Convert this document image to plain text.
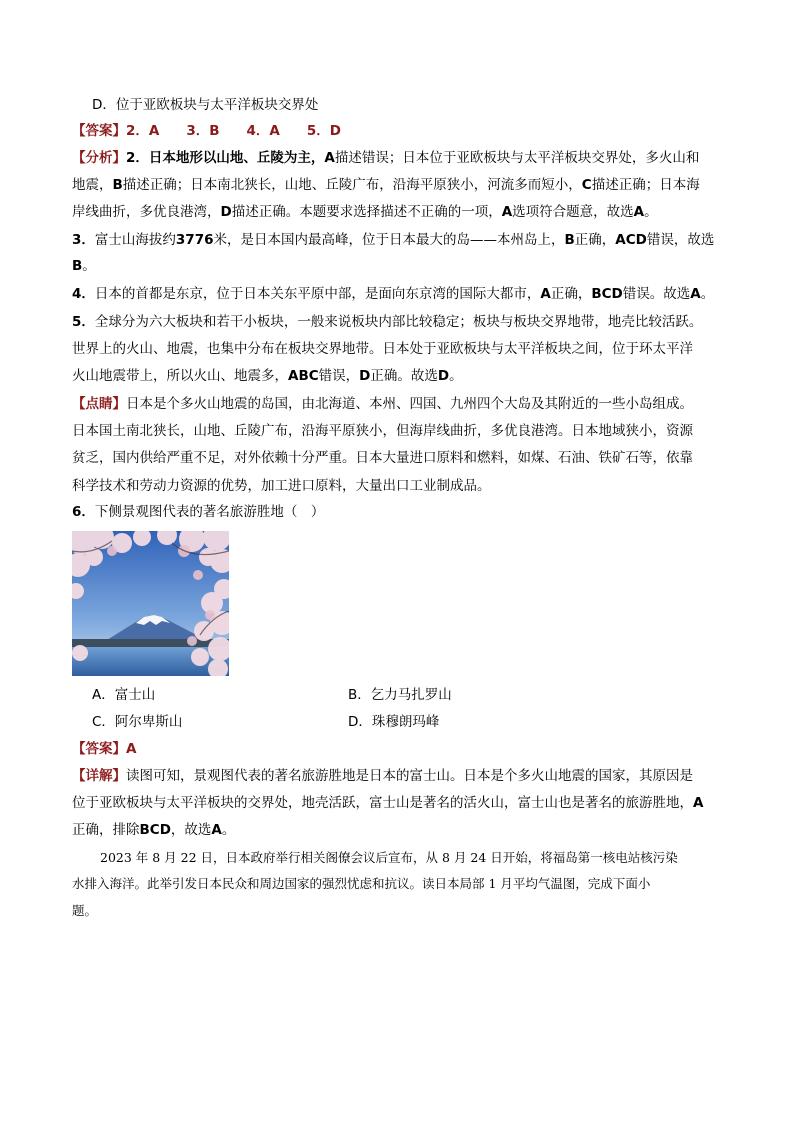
D．位于亚欧板块与太平洋板块交界处
【答案】2．A　　3．B　　4．A　　5．D
【分析】2．日本地形以山地、丘陵为主，A描述错误；日本位于亚欧板块与太平洋板块交界处，多火山和
地震，B描述正确；日本南北狭长，山地、丘陵广布，沿海平原狭小，河流多而短小，C描述正确；日本海
岸线曲折，多优良港湾，D描述正确。本题要求选择描述不正确的一项，A选项符合题意，故选A。
3．富士山海拔约3776米，是日本国内最高峰，位于日本最大的岛——本州岛上，B正确，ACD错误，故选
B。
4．日本的首都是东京，位于日本关东平原中部，是面向东京湾的国际大都市，A正确，BCD错误。故选A。
5．全球分为六大板块和若干小板块，一般来说板块内部比较稳定；板块与板块交界地带，地壳比较活跃。
世界上的火山、地震，也集中分布在板块交界地带。日本处于亚欧板块与太平洋板块之间，位于环太平洋
火山地震带上，所以火山、地震多，ABC错误，D正确。故选D。
【点睛】日本是个多火山地震的岛国，由北海道、本州、四国、九州四个大岛及其附近的一些小岛组成。
日本国土南北狭长，山地、丘陵广布，沿海平原狭小，但海岸线曲折，多优良港湾。日本地域狭小，资源
贫乏，国内供给严重不足，对外依赖十分严重。日本大量进口原料和燃料，如煤、石油、铁矿石等，依靠
科学技术和劳动力资源的优势，加工进口原料，大量出口工业制成品。
6．下侧景观图代表的著名旅游胜地（　）
A．富士山	B．乞力马扎罗山
C．阿尔卑斯山	D．珠穆朗玛峰
【答案】A
【详解】读图可知，景观图代表的著名旅游胜地是日本的富士山。日本是个多火山地震的国家，其原因是
位于亚欧板块与太平洋板块的交界处，地壳活跃，富士山是著名的活火山，富士山也是著名的旅游胜地，A
正确，排除BCD，故选A。
2023 年 8 月 22 日，日本政府举行相关阁僚会议后宣布，从 8 月 24 日开始，将福岛第一核电站核污染
水排入海洋。此举引发日本民众和周边国家的强烈忧虑和抗议。读日本局部 1 月平均气温图，完成下面小
题。
